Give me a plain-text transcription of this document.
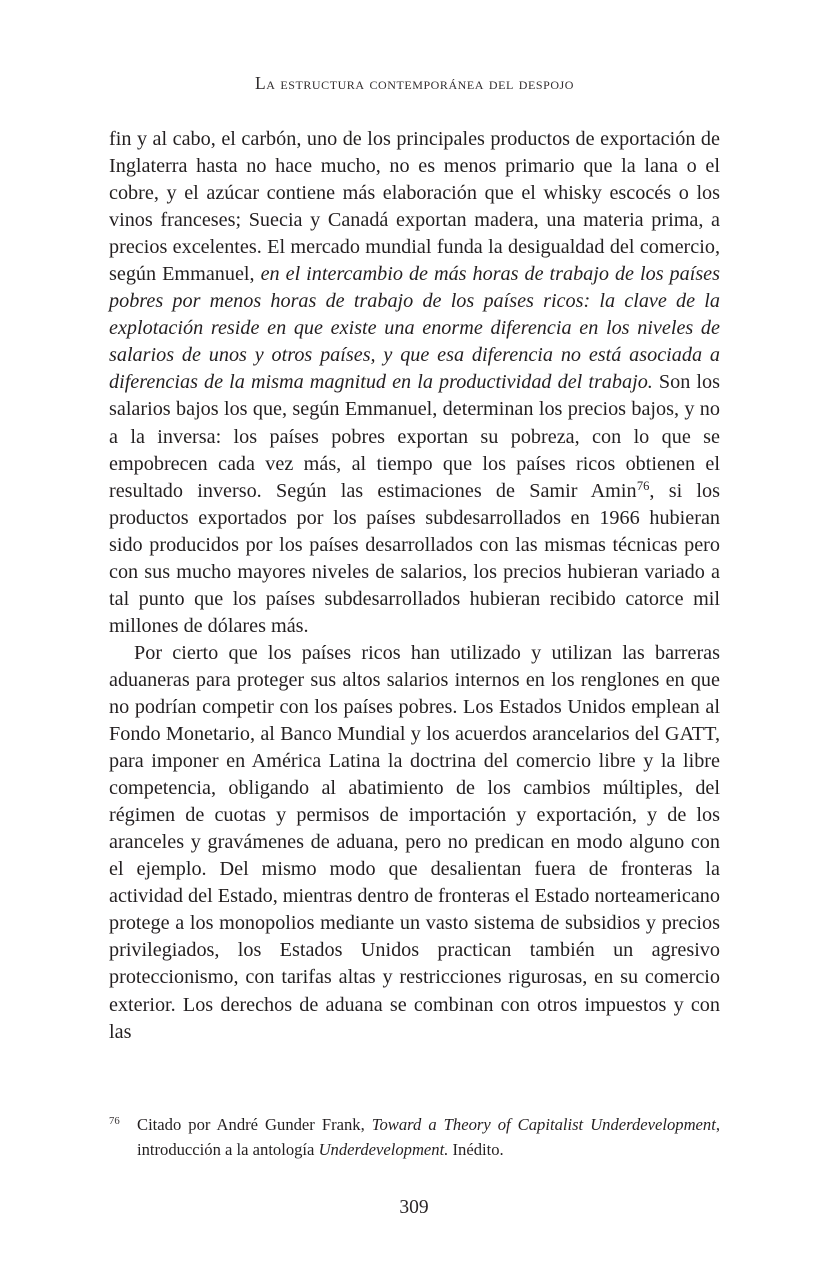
La estructura contemporánea del despojo

fin y al cabo, el carbón, uno de los principales productos de exportación de Inglaterra hasta no hace mucho, no es menos primario que la lana o el cobre, y el azúcar contiene más elaboración que el whisky escocés o los vinos franceses; Suecia y Canadá exportan madera, una materia prima, a precios excelentes. El mercado mundial funda la desigualdad del comercio, según Emmanuel, en el intercambio de más horas de trabajo de los países pobres por menos horas de trabajo de los países ricos: la clave de la explotación reside en que existe una enorme diferencia en los niveles de salarios de unos y otros países, y que esa diferencia no está asociada a diferencias de la misma magnitud en la productividad del trabajo. Son los salarios bajos los que, según Emmanuel, determinan los precios bajos, y no a la inversa: los países pobres exportan su pobreza, con lo que se empobrecen cada vez más, al tiempo que los países ricos obtienen el resultado inverso. Según las estimaciones de Samir Amin$^{76}$, si los productos exportados por los países subdesarrollados en 1966 hubieran sido producidos por los países desarrollados con las mismas técnicas pero con sus mucho mayores niveles de salarios, los precios hubieran variado a tal punto que los países subdesarrollados hubieran recibido catorce mil millones de dólares más.

Por cierto que los países ricos han utilizado y utilizan las barreras aduaneras para proteger sus altos salarios internos en los renglones en que no podrían competir con los países pobres. Los Estados Unidos emplean al Fondo Monetario, al Banco Mundial y los acuerdos arancelarios del GATT, para imponer en América Latina la doctrina del comercio libre y la libre competencia, obligando al abatimiento de los cambios múltiples, del régimen de cuotas y permisos de importación y exportación, y de los aranceles y gravámenes de aduana, pero no predican en modo alguno con el ejemplo. Del mismo modo que desalientan fuera de fronteras la actividad del Estado, mientras dentro de fronteras el Estado norteamericano protege a los monopolios mediante un vasto sistema de subsidios y precios privilegiados, los Estados Unidos practican también un agresivo proteccionismo, con tarifas altas y restricciones rigurosas, en su comercio exterior. Los derechos de aduana se combinan con otros impuestos y con las

76 Citado por André Gunder Frank, Toward a Theory of Capitalist Underdevelopment, introducción a la antología Underdevelopment. Inédito.
309
